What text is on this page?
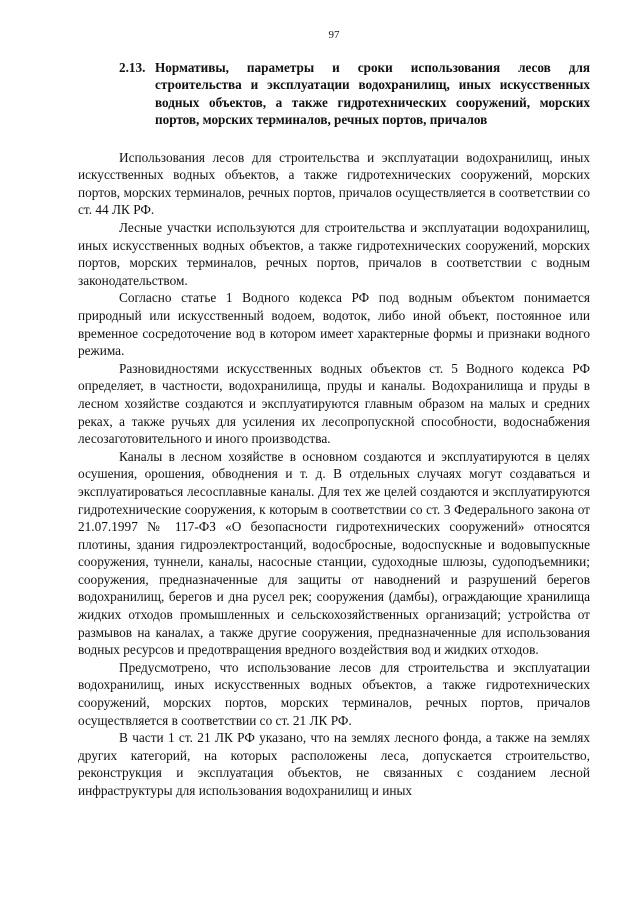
97
2.13. Нормативы, параметры и сроки использования лесов для строительства и эксплуатации водохранилищ, иных искусственных водных объектов, а также гидротехнических сооружений, морских портов, морских терминалов, речных портов, причалов

Использования лесов для строительства и эксплуатации водохранилищ, иных искусственных водных объектов, а также гидротехнических сооружений, морских портов, морских терминалов, речных портов, причалов осуществляется в соответствии со ст. 44 ЛК РФ.

Лесные участки используются для строительства и эксплуатации водохранилищ, иных искусственных водных объектов, а также гидротехнических сооружений, морских портов, морских терминалов, речных портов, причалов в соответствии с водным законодательством.

Согласно статье 1 Водного кодекса РФ под водным объектом понимается природный или искусственный водоем, водоток, либо иной объект, постоянное или временное сосредоточение вод в котором имеет характерные формы и признаки водного режима.

Разновидностями искусственных водных объектов ст. 5 Водного кодекса РФ определяет, в частности, водохранилища, пруды и каналы. Водохранилища и пруды в лесном хозяйстве создаются и эксплуатируются главным образом на малых и средних реках, а также ручьях для усиления их лесопропускной способности, водоснабжения лесозаготовительного и иного производства.

Каналы в лесном хозяйстве в основном создаются и эксплуатируются в целях осушения, орошения, обводнения и т. д. В отдельных случаях могут создаваться и эксплуатироваться лесосплавные каналы. Для тех же целей создаются и эксплуатируются гидротехнические сооружения, к которым в соответствии со ст. 3 Федерального закона от 21.07.1997 № 117-ФЗ «О безопасности гидротехнических сооружений» относятся плотины, здания гидроэлектростанций, водосбросные, водоспускные и водовыпускные сооружения, туннели, каналы, насосные станции, судоходные шлюзы, судоподъемники; сооружения, предназначенные для защиты от наводнений и разрушений берегов водохранилищ, берегов и дна русел рек; сооружения (дамбы), ограждающие хранилища жидких отходов промышленных и сельскохозяйственных организаций; устройства от размывов на каналах, а также другие сооружения, предназначенные для использования водных ресурсов и предотвращения вредного воздействия вод и жидких отходов.

Предусмотрено, что использование лесов для строительства и эксплуатации водохранилищ, иных искусственных водных объектов, а также гидротехнических сооружений, морских портов, морских терминалов, речных портов, причалов осуществляется в соответствии со ст. 21 ЛК РФ.

В части 1 ст. 21 ЛК РФ указано, что на землях лесного фонда, а также на землях других категорий, на которых расположены леса, допускается строительство, реконструкция и эксплуатация объектов, не связанных с созданием лесной инфраструктуры для использования водохранилищ и иных
